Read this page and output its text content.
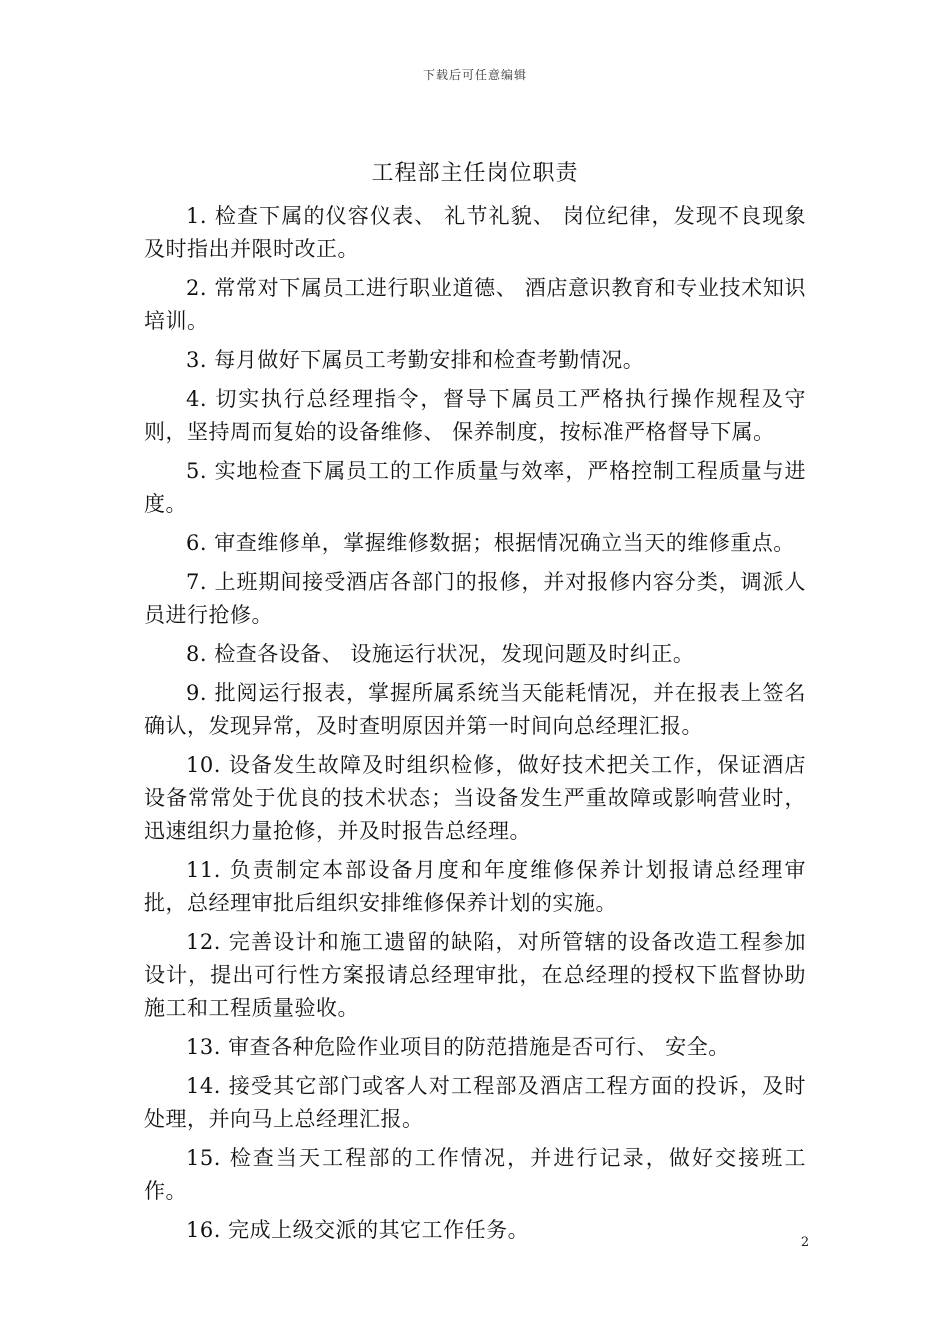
下载后可任意编辑
工程部主任岗位职责

1. 检查下属的仪容仪表、 礼节礼貌、 岗位纪律，发现不良现象及时指出并限时改正。

2. 常常对下属员工进行职业道德、 酒店意识教育和专业技术知识培训。

3. 每月做好下属员工考勤安排和检查考勤情况。

4. 切实执行总经理指令，督导下属员工严格执行操作规程及守则，坚持周而复始的设备维修、 保养制度，按标准严格督导下属。

5. 实地检查下属员工的工作质量与效率，严格控制工程质量与进度。

6. 审查维修单，掌握维修数据；根据情况确立当天的维修重点。

7. 上班期间接受酒店各部门的报修，并对报修内容分类，调派人员进行抢修。

8. 检查各设备、 设施运行状况，发现问题及时纠正。

9. 批阅运行报表，掌握所属系统当天能耗情况，并在报表上签名确认，发现异常，及时查明原因并第一时间向总经理汇报。

10. 设备发生故障及时组织检修，做好技术把关工作，保证酒店设备常常处于优良的技术状态；当设备发生严重故障或影响营业时，迅速组织力量抢修，并及时报告总经理。

11. 负责制定本部设备月度和年度维修保养计划报请总经理审批，总经理审批后组织安排维修保养计划的实施。

12. 完善设计和施工遗留的缺陷，对所管辖的设备改造工程参加设计，提出可行性方案报请总经理审批，在总经理的授权下监督协助施工和工程质量验收。

13. 审查各种危险作业项目的防范措施是否可行、 安全。

14. 接受其它部门或客人对工程部及酒店工程方面的投诉，及时处理，并向马上总经理汇报。

15. 检查当天工程部的工作情况，并进行记录，做好交接班工作。

16. 完成上级交派的其它工作任务。

2
